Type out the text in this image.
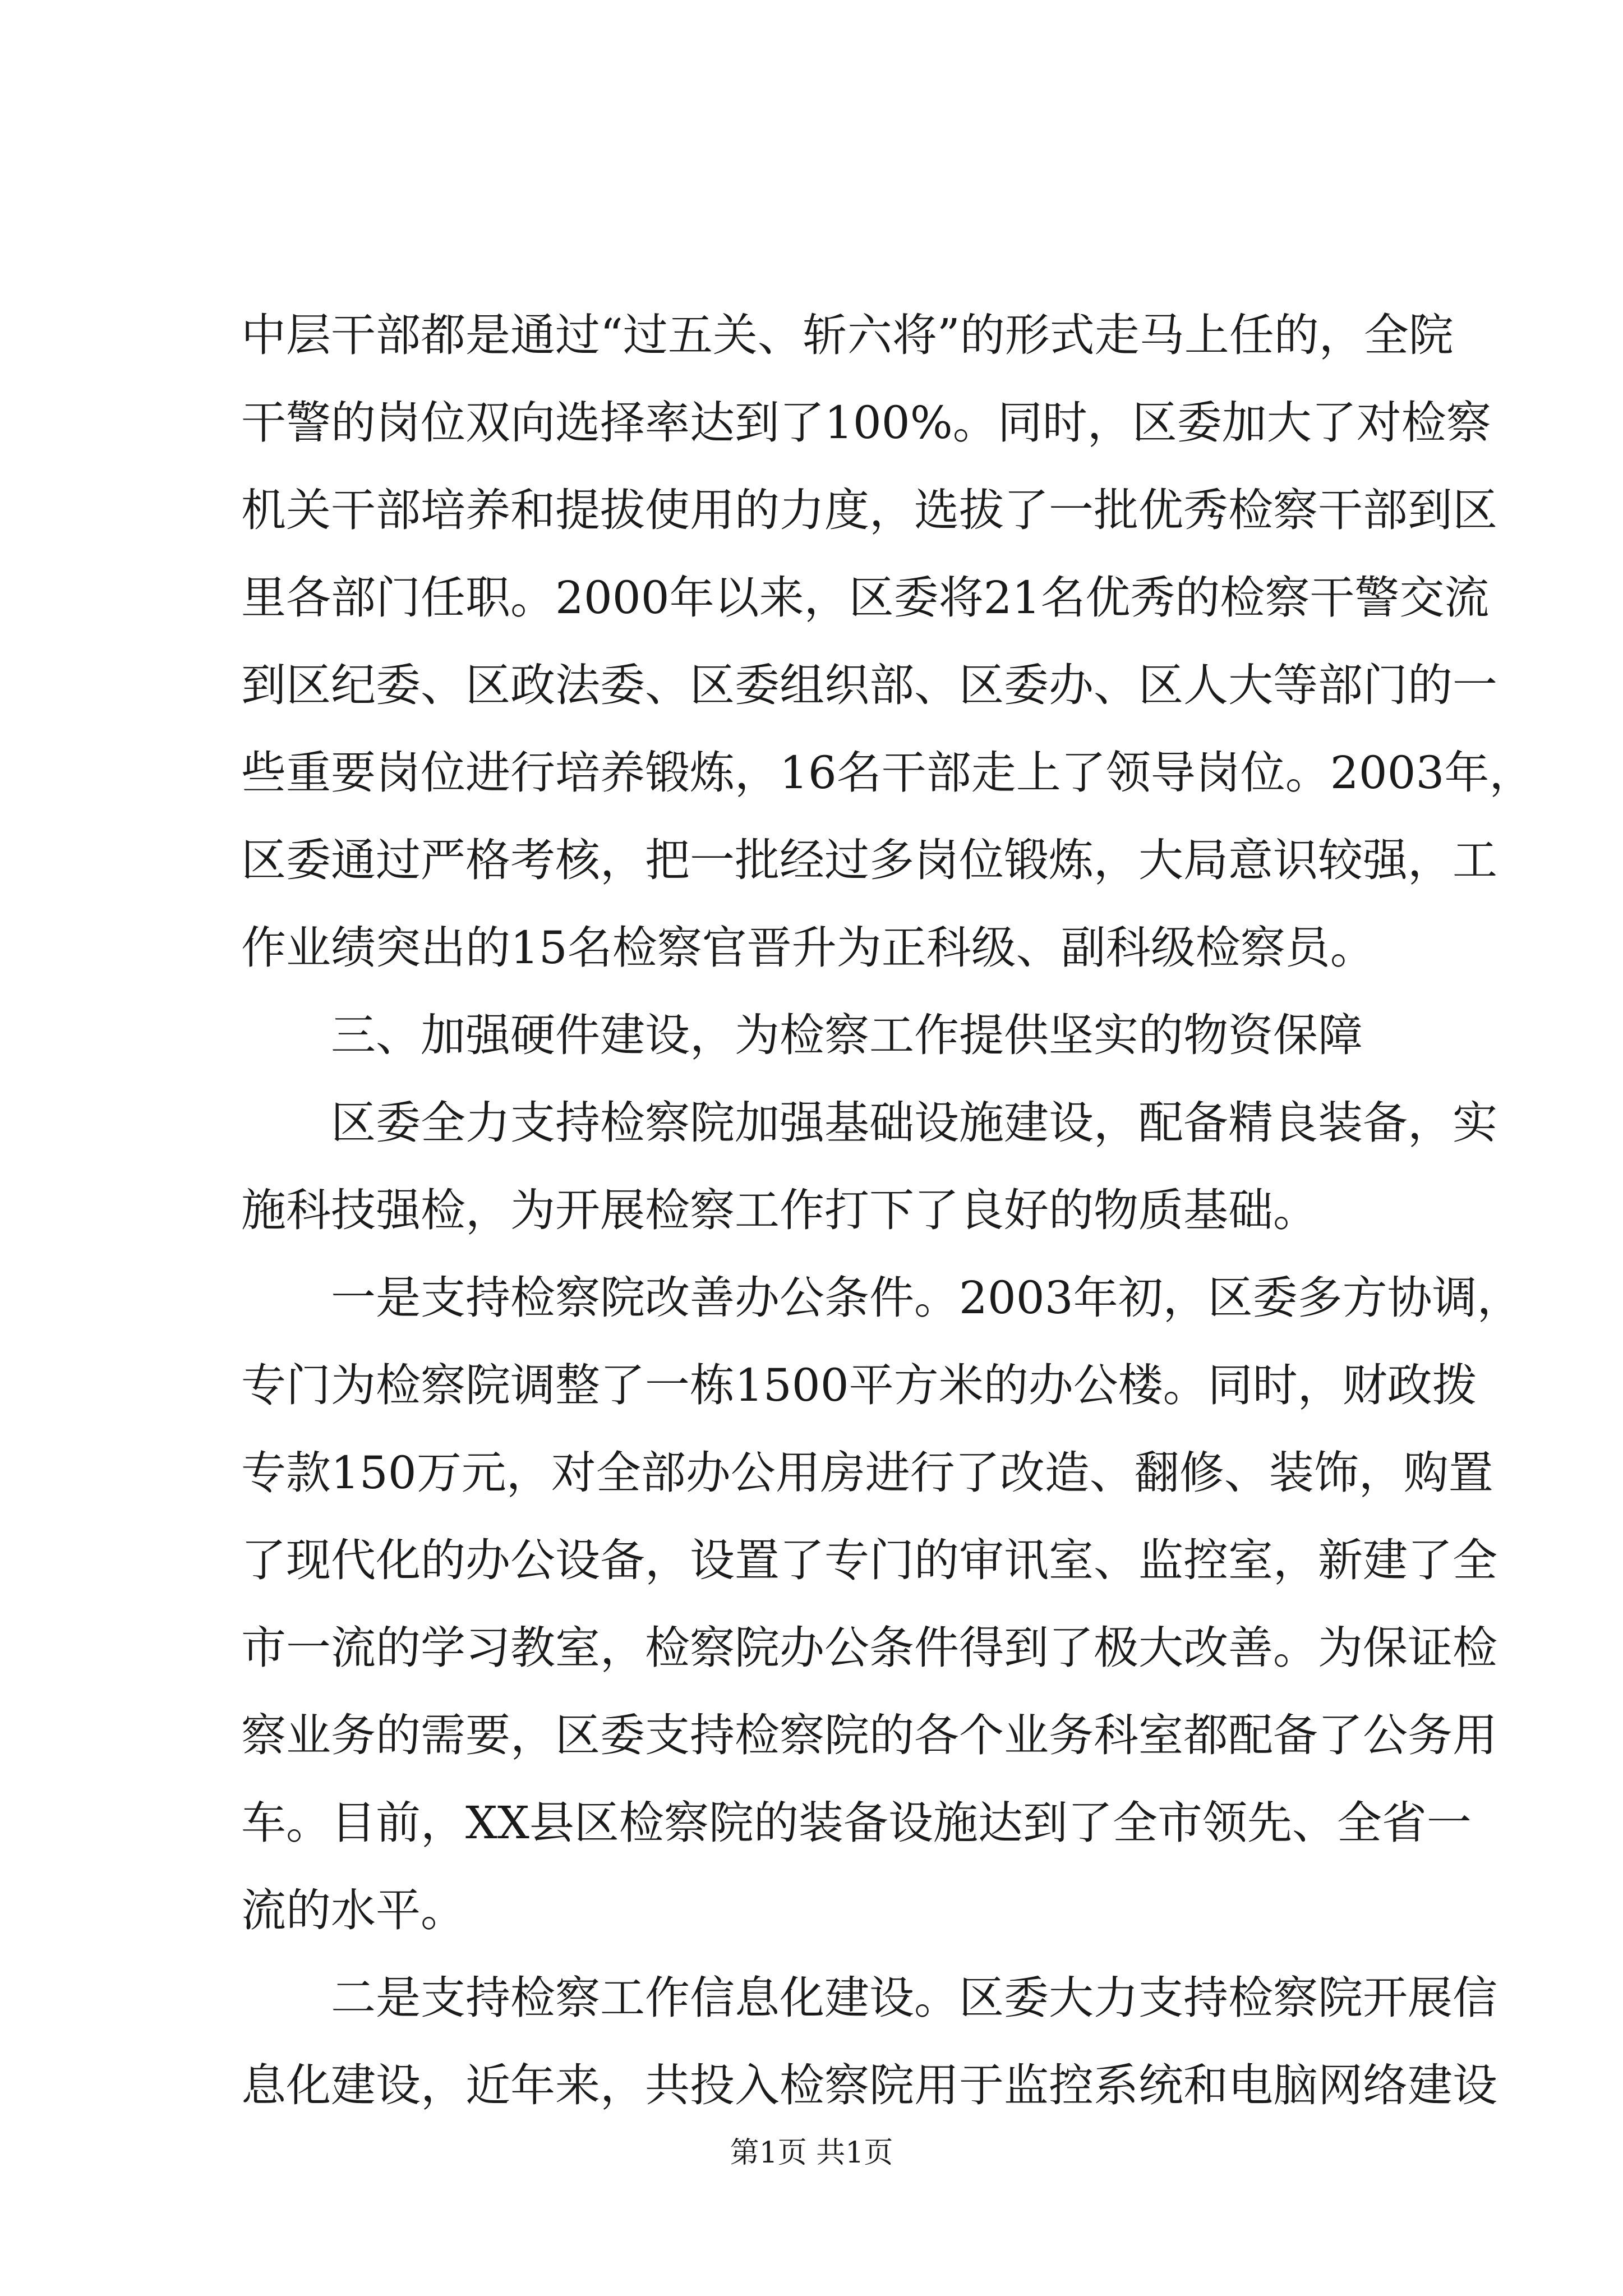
中层干部都是通过“过五关、斩六将”的形式走马上任的，全院
干警的岗位双向选择率达到了100%。同时，区委加大了对检察
机关干部培养和提拔使用的力度，选拔了一批优秀检察干部到区
里各部门任职。2000年以来，区委将21名优秀的检察干警交流
到区纪委、区政法委、区委组织部、区委办、区人大等部门的一
些重要岗位进行培养锻炼，16名干部走上了领导岗位。2003年，
区委通过严格考核，把一批经过多岗位锻炼，大局意识较强，工
作业绩突出的15名检察官晋升为正科级、副科级检察员。
三、加强硬件建设，为检察工作提供坚实的物资保障
区委全力支持检察院加强基础设施建设，配备精良装备，实
施科技强检，为开展检察工作打下了良好的物质基础。
一是支持检察院改善办公条件。2003年初，区委多方协调，
专门为检察院调整了一栋1500平方米的办公楼。同时，财政拨
专款150万元，对全部办公用房进行了改造、翻修、装饰，购置
了现代化的办公设备，设置了专门的审讯室、监控室，新建了全
市一流的学习教室，检察院办公条件得到了极大改善。为保证检
察业务的需要，区委支持检察院的各个业务科室都配备了公务用
车。目前，XX县区检察院的装备设施达到了全市领先、全省一
流的水平。
二是支持检察工作信息化建设。区委大力支持检察院开展信
息化建设，近年来，共投入检察院用于监控系统和电脑网络建设
第1页 共1页
